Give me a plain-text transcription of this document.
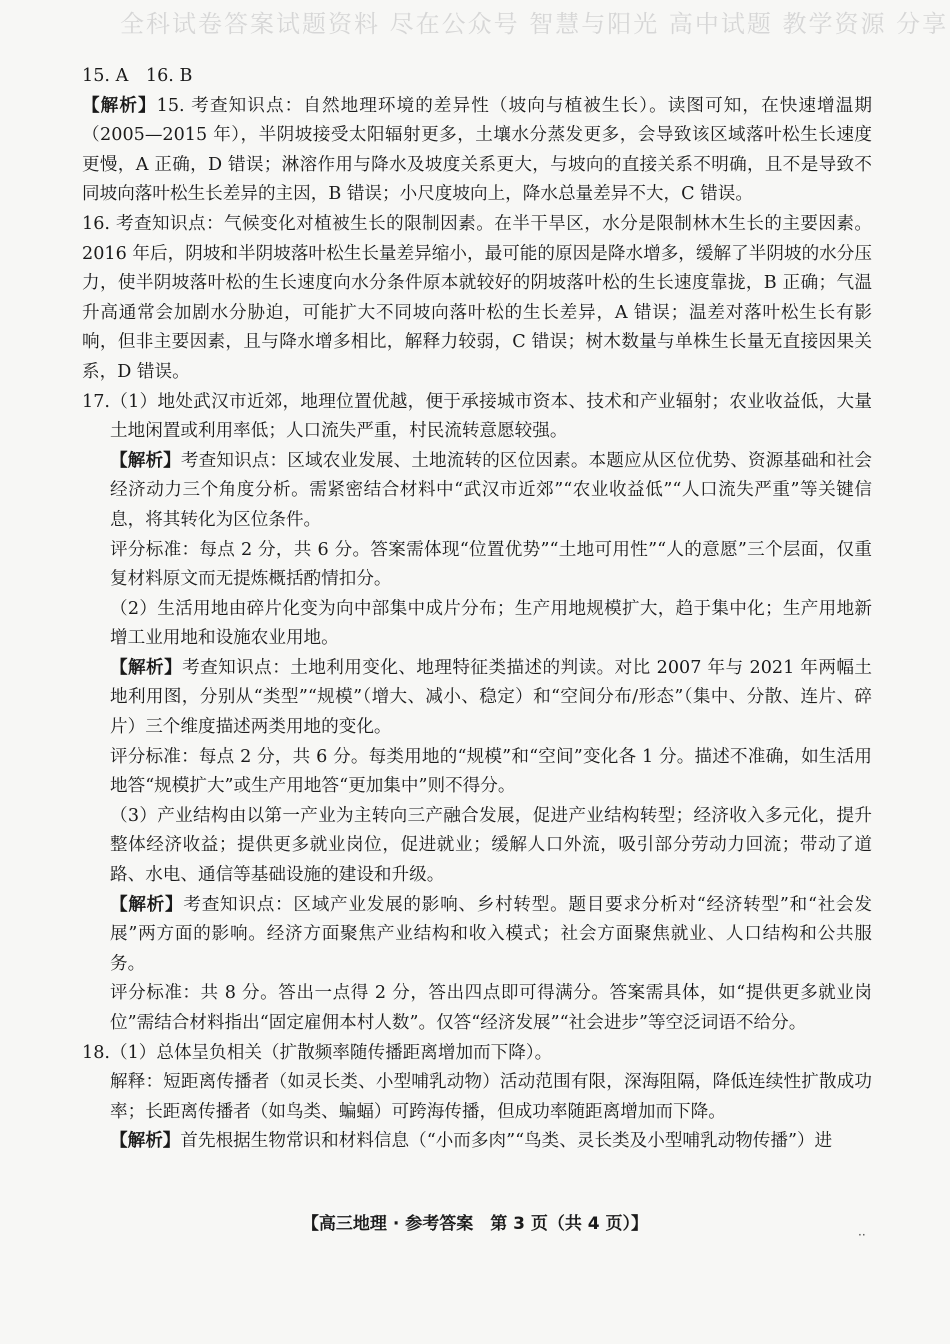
全科试卷答案试题资料 尽在公众号 智慧与阳光 高中试题 教学资源 分享

15. A　16. B

【解析】15. 考查知识点：自然地理环境的差异性（坡向与植被生长）。读图可知，在快速增温期（2005—2015 年），半阴坡接受太阳辐射更多，土壤水分蒸发更多，会导致该区域落叶松生长速度更慢，A 正确，D 错误；淋溶作用与降水及坡度关系更大，与坡向的直接关系不明确，且不是导致不同坡向落叶松生长差异的主因，B 错误；小尺度坡向上，降水总量差异不大，C 错误。

16. 考查知识点：气候变化对植被生长的限制因素。在半干旱区，水分是限制林木生长的主要因素。2016 年后，阴坡和半阴坡落叶松生长量差异缩小，最可能的原因是降水增多，缓解了半阴坡的水分压力，使半阴坡落叶松的生长速度向水分条件原本就较好的阴坡落叶松的生长速度靠拢，B 正确；气温升高通常会加剧水分胁迫，可能扩大不同坡向落叶松的生长差异，A 错误；温差对落叶松生长有影响，但非主要因素，且与降水增多相比，解释力较弱，C 错误；树木数量与单株生长量无直接因果关系，D 错误。

17.（1）地处武汉市近郊，地理位置优越，便于承接城市资本、技术和产业辐射；农业收益低，大量土地闲置或利用率低；人口流失严重，村民流转意愿较强。

【解析】考查知识点：区域农业发展、土地流转的区位因素。本题应从区位优势、资源基础和社会经济动力三个角度分析。需紧密结合材料中“武汉市近郊”“农业收益低”“人口流失严重”等关键信息，将其转化为区位条件。

评分标准：每点 2 分，共 6 分。答案需体现“位置优势”“土地可用性”“人的意愿”三个层面，仅重复材料原文而无提炼概括酌情扣分。

（2）生活用地由碎片化变为向中部集中成片分布；生产用地规模扩大，趋于集中化；生产用地新增工业用地和设施农业用地。

【解析】考查知识点：土地利用变化、地理特征类描述的判读。对比 2007 年与 2021 年两幅土地利用图，分别从“类型”“规模”（增大、减小、稳定）和“空间分布/形态”（集中、分散、连片、碎片）三个维度描述两类用地的变化。

评分标准：每点 2 分，共 6 分。每类用地的“规模”和“空间”变化各 1 分。描述不准确，如生活用地答“规模扩大”或生产用地答“更加集中”则不得分。

（3）产业结构由以第一产业为主转向三产融合发展，促进产业结构转型；经济收入多元化，提升整体经济收益；提供更多就业岗位，促进就业；缓解人口外流，吸引部分劳动力回流；带动了道路、水电、通信等基础设施的建设和升级。

【解析】考查知识点：区域产业发展的影响、乡村转型。题目要求分析对“经济转型”和“社会发展”两方面的影响。经济方面聚焦产业结构和收入模式；社会方面聚焦就业、人口结构和公共服务。

评分标准：共 8 分。答出一点得 2 分，答出四点即可得满分。答案需具体，如“提供更多就业岗位”需结合材料指出“固定雇佣本村人数”。仅答“经济发展”“社会进步”等空泛词语不给分。

18.（1）总体呈负相关（扩散频率随传播距离增加而下降）。

解释：短距离传播者（如灵长类、小型哺乳动物）活动范围有限，深海阻隔，降低连续性扩散成功率；长距离传播者（如鸟类、蝙蝠）可跨海传播，但成功率随距离增加而下降。

【解析】首先根据生物常识和材料信息（“小而多肉”“鸟类、灵长类及小型哺乳动物传播”）进

【高三地理 · 参考答案　第 3 页（共 4 页）】
··
